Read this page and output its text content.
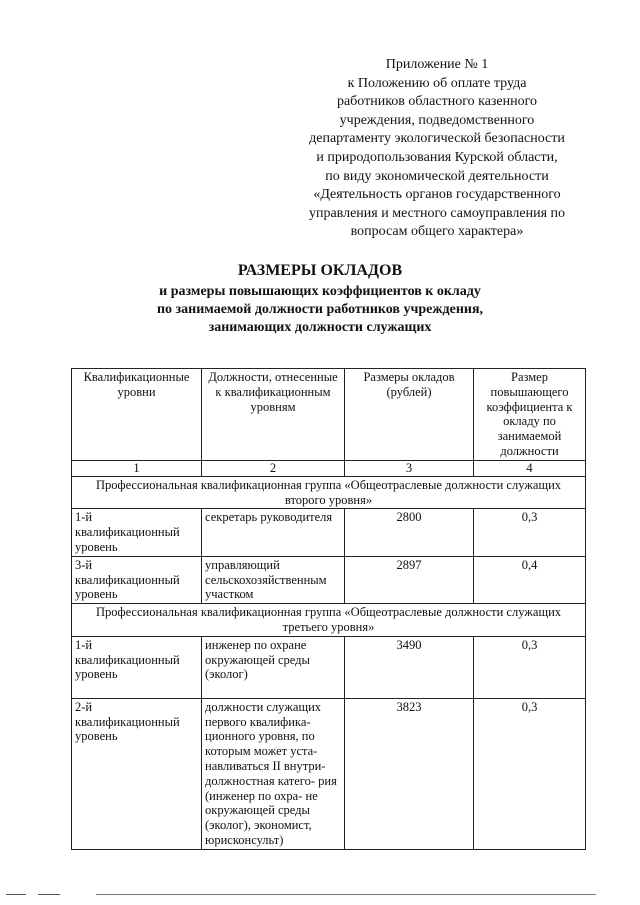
Приложение № 1
к Положению об оплате труда
работников областного казенного
учреждения, подведомственного
департаменту экологической безопасности
и природопользования Курской области,
по виду экономической деятельности
«Деятельность органов государственного
управления и местного самоуправления по
вопросам общего характера»
РАЗМЕРЫ ОКЛАДОВ
и размеры повышающих коэффициентов к окладу
по занимаемой должности работников учреждения,
занимающих должности служащих
Квалификационные уровни	Должности, отнесенные к квалификационным уровням	Размеры окладов (рублей)	Размер повышающего коэффициента к окладу по занимаемой должности
1	2	3	4
Профессиональная квалификационная группа «Общеотраслевые должности служащих второго уровня»			
1-й квалификационный уровень	секретарь руководителя	2800	0,3
3-й квалификационный уровень	управляющий сельскохозяйственным участком	2897	0,4
Профессиональная квалификационная группа «Общеотраслевые должности служащих третьего уровня»			
1-й квалификационный уровень	инженер по охране окружающей среды (эколог)	3490	0,3
2-й квалификационный уровень	должности служащих первого квалифика- ционного уровня, по которым может уста- навливаться II внутри- должностная катего- рия (инженер по охра- не окружающей среды (эколог), экономист, юрисконсульт)	3823	0,3
